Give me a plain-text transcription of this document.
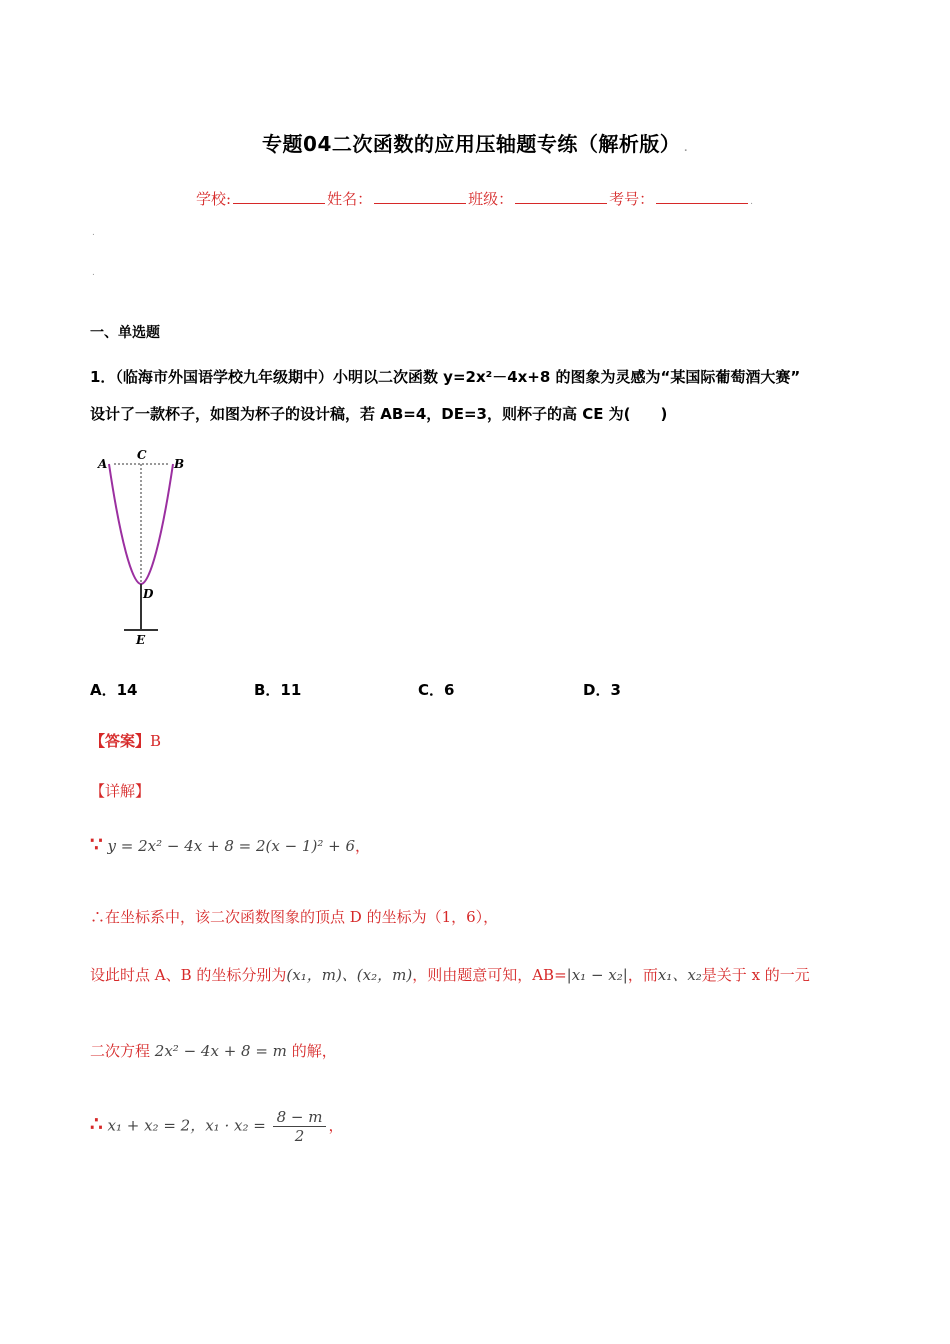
专题04二次函数的应用压轴题专练（解析版） .
学校:	姓名：	班级：	考号：	.
.
.
一、单选题
1．（临海市外国语学校九年级期中）小明以二次函数 y=2x²－4x+8 的图象为灵感为“某国际葡萄酒大赛”
设计了一款杯子，如图为杯子的设计稿，若 AB=4，DE=3，则杯子的高 CE 为(　　)
A
C
B
D
E
A．14	B．11	C．6	D．3
【答案】B
【详解】
∵ y = 2x² − 4x + 8 = 2(x − 1)² + 6，
∴在坐标系中，该二次函数图象的顶点 D 的坐标为（1，6），
设此时点 A、B 的坐标分别为(x₁，m)、(x₂，m)，则由题意可知，AB=|x₁ − x₂|，而x₁、x₂是关于 x 的一元
二次方程 2x² − 4x + 8 = m 的解，
∴ x₁ + x₂ = 2，$x_1 \cdot x_2 = \frac{8 - m}{2}$ ，
